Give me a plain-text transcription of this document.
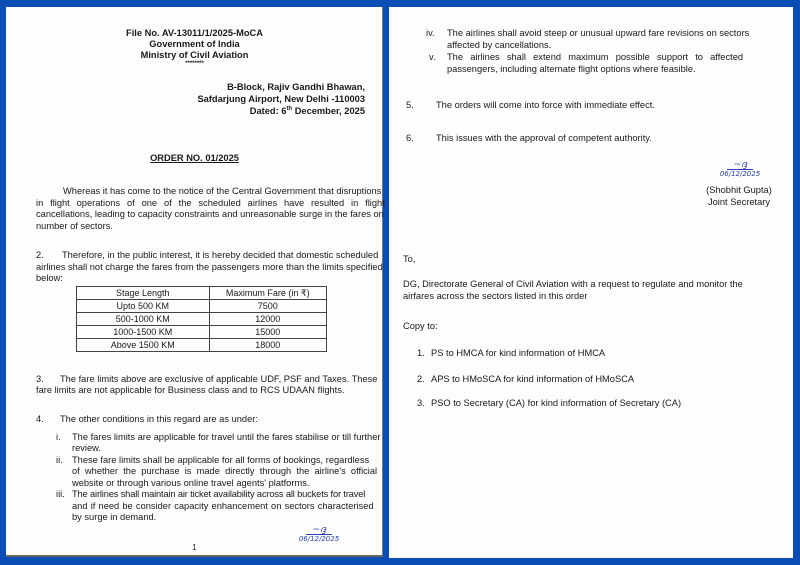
File No. AV-13011/1/2025-MoCA
Government of India
Ministry of Civil Aviation
********
B-Block, Rajiv Gandhi Bhawan,
Safdarjung Airport, New Delhi -110003
Dated: 6th December, 2025
ORDER NO. 01/2025
Whereas it has come to the notice of the Central Government that disruptions
in flight operations of one of the scheduled airlines have resulted in flight
cancellations, leading to capacity constraints and unreasonable surge in the fares on
number of sectors.
2. Therefore, in the public interest, it is hereby decided that domestic scheduled
airlines shall not charge the fares from the passengers more than the limits specified
below:
Stage Length	Maximum Fare (in ₹)
Upto 500 KM	7500
500-1000 KM	12000
1000-1500 KM	15000
Above 1500 KM	18000
3. The fare limits above are exclusive of applicable UDF, PSF and Taxes. These
fare limits are not applicable for Business class and to RCS UDAAN flights.
4. The other conditions in this regard are as under:
i. The fares limits are applicable for travel until the fares stabilise or till further
review.
ii. These fare limits shall be applicable for all forms of bookings, regardless
of whether the purchase is made directly through the airline's official
website or through various online travel agents' platforms.
iii. The airlines shall maintain air ticket availability across all buckets for travel
and if need be consider capacity enhancement on sectors characterised
by surge in demand.
~ദ്ദ
06/12/2025
1
iv. The airlines shall avoid steep or unusual upward fare revisions on sectors
affected by cancellations.
v. The airlines shall extend maximum possible support to affected
passengers, including alternate flight options where feasible.
5. The orders will come into force with immediate effect.
6. This issues with the approval of competent authority.
~ദ്ദ
06/12/2025
(Shobhit Gupta)
Joint Secretary
To,
DG, Directorate General of Civil Aviation with a request to regulate and monitor the
airfares across the sectors listed in this order
Copy to:
1. PS to HMCA for kind information of HMCA
2. APS to HMoSCA for kind information of HMoSCA
3. PSO to Secretary (CA) for kind information of Secretary (CA)
